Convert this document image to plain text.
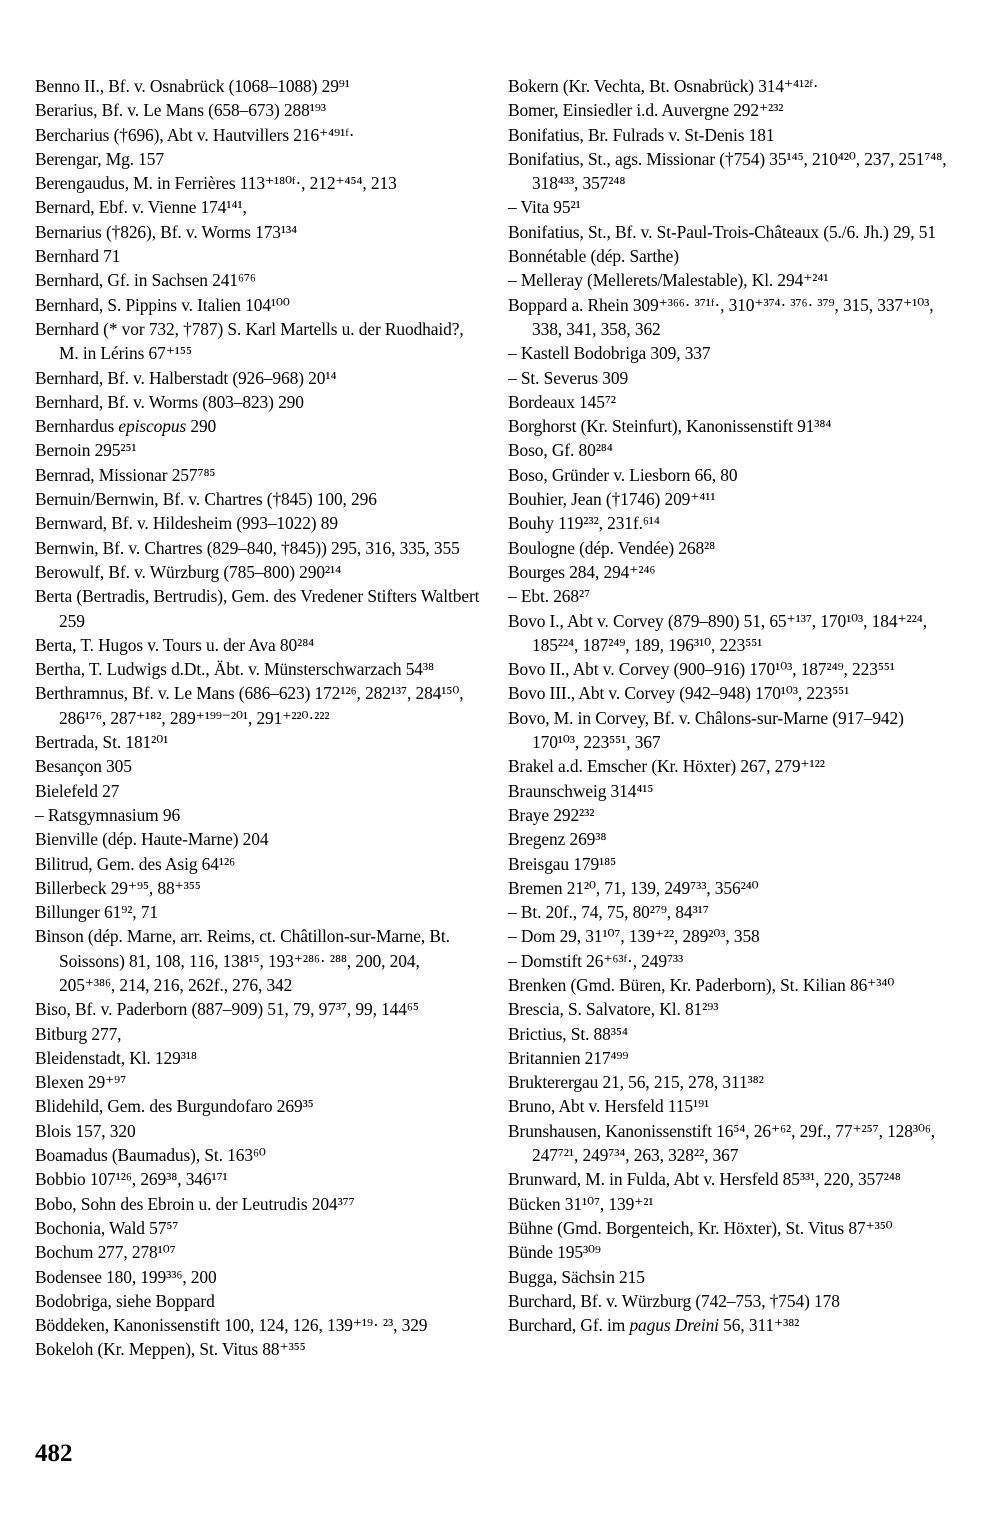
Benno II., Bf. v. Osnabrück (1068–1088) 29⁹¹
Berarius, Bf. v. Le Mans (658–673) 288¹⁹³
Bercharius (†696), Abt v. Hautvillers 216⁺⁴⁹¹ᶠ·
Berengar, Mg. 157
Berengaudus, M. in Ferrières 113⁺¹⁸⁰ᶠ·, 212⁺⁴⁵⁴, 213
Bernard, Ebf. v. Vienne 174¹⁴¹,
Bernarius (†826), Bf. v. Worms 173¹³⁴
Bernhard 71
Bernhard, Gf. in Sachsen 241⁶⁷⁶
Bernhard, S. Pippins v. Italien 104¹⁰⁰
Bernhard (* vor 732, †787) S. Karl Martells u. der Ruodhaid?, M. in Lérins 67⁺¹⁵⁵
Bernhard, Bf. v. Halberstadt (926–968) 20¹⁴
Bernhard, Bf. v. Worms (803–823) 290
Bernhardus episcopus 290
Bernoin 295²⁵¹
Bernrad, Missionar 257⁷⁸⁵
Bernuin/Bernwin, Bf. v. Chartres (†845) 100, 296
Bernward, Bf. v. Hildesheim (993–1022) 89
Bernwin, Bf. v. Chartres (829–840, †845)) 295, 316, 335, 355
Berowulf, Bf. v. Würzburg (785–800) 290²¹⁴
Berta (Bertradis, Bertrudis), Gem. des Vredener Stifters Waltbert 259
Berta, T. Hugos v. Tours u. der Ava 80²⁸⁴
Bertha, T. Ludwigs d.Dt., Äbt. v. Münsterschwarzach 54³⁸
Berthramnus, Bf. v. Le Mans (686–623) 172¹²⁶, 282¹³⁷, 284¹⁵⁰, 286¹⁷⁶, 287⁺¹⁸², 289⁺¹⁹⁹⁻²⁰¹, 291⁺²²⁰·²²²
Bertrada, St. 181²⁰¹
Besançon 305
Bielefeld 27
– Ratsgymnasium 96
Bienville (dép. Haute-Marne) 204
Bilitrud, Gem. des Asig 64¹²⁶
Billerbeck 29⁺⁹⁵, 88⁺³⁵⁵
Billunger 61⁹², 71
Binson (dép. Marne, arr. Reims, ct. Châtillon-sur-Marne, Bt. Soissons) 81, 108, 116, 138¹⁵, 193⁺²⁸⁶· ²⁸⁸, 200, 204, 205⁺³⁸⁶, 214, 216, 262f., 276, 342
Biso, Bf. v. Paderborn (887–909) 51, 79, 97³⁷, 99, 144⁶⁵
Bitburg 277,
Bleidenstadt, Kl. 129³¹⁸
Blexen 29⁺⁹⁷
Blidehild, Gem. des Burgundofaro 269³⁵
Blois 157, 320
Boamadus (Baumadus), St. 163⁶⁰
Bobbio 107¹²⁶, 269³⁸, 346¹⁷¹
Bobo, Sohn des Ebroin u. der Leutrudis 204³⁷⁷
Bochonia, Wald 57⁵⁷
Bochum 277, 278¹⁰⁷
Bodensee 180, 199³³⁶, 200
Bodobriga, siehe Boppard
Böddeken, Kanonissenstift 100, 124, 126, 139⁺¹⁹· ²³, 329
Bokeloh (Kr. Meppen), St. Vitus 88⁺³⁵⁵
Bokern (Kr. Vechta, Bt. Osnabrück) 314⁺⁴¹²ᶠ·
Bomer, Einsiedler i.d. Auvergne 292⁺²³²
Bonifatius, Br. Fulrads v. St-Denis 181
Bonifatius, St., ags. Missionar (†754) 35¹⁴⁵, 210⁴²⁰, 237, 251⁷⁴⁸, 318⁴³³, 357²⁴⁸
– Vita 95²¹
Bonifatius, St., Bf. v. St-Paul-Trois-Châteaux (5./6. Jh.) 29, 51
Bonnétable (dép. Sarthe)
– Melleray (Mellerets/Malestable), Kl. 294⁺²⁴¹
Boppard a. Rhein 309⁺³⁶⁶· ³⁷¹ᶠ·, 310⁺³⁷⁴· ³⁷⁶· ³⁷⁹, 315, 337⁺¹⁰³, 338, 341, 358, 362
– Kastell Bodobriga 309, 337
– St. Severus 309
Bordeaux 145⁷²
Borghorst (Kr. Steinfurt), Kanonissenstift 91³⁸⁴
Boso, Gf. 80²⁸⁴
Boso, Gründer v. Liesborn 66, 80
Bouhier, Jean (†1746) 209⁺⁴¹¹
Bouhy 119²³², 231f.⁶¹⁴
Boulogne (dép. Vendée) 268²⁸
Bourges 284, 294⁺²⁴⁶
– Ebt. 268²⁷
Bovo I., Abt v. Corvey (879–890) 51, 65⁺¹³⁷, 170¹⁰³, 184⁺²²⁴, 185²²⁴, 187²⁴⁹, 189, 196³¹⁰, 223⁵⁵¹
Bovo II., Abt v. Corvey (900–916) 170¹⁰³, 187²⁴⁹, 223⁵⁵¹
Bovo III., Abt v. Corvey (942–948) 170¹⁰³, 223⁵⁵¹
Bovo, M. in Corvey, Bf. v. Châlons-sur-Marne (917–942) 170¹⁰³, 223⁵⁵¹, 367
Brakel a.d. Emscher (Kr. Höxter) 267, 279⁺¹²²
Braunschweig 314⁴¹⁵
Braye 292²³²
Bregenz 269³⁸
Breisgau 179¹⁸⁵
Bremen 21²⁰, 71, 139, 249⁷³³, 356²⁴⁰
– Bt. 20f., 74, 75, 80²⁷⁹, 84³¹⁷
– Dom 29, 31¹⁰⁷, 139⁺²², 289²⁰³, 358
– Domstift 26⁺⁶³ᶠ·, 249⁷³³
Brenken (Gmd. Büren, Kr. Paderborn), St. Kilian 86⁺³⁴⁰
Brescia, S. Salvatore, Kl. 81²⁹³
Brictius, St. 88³⁵⁴
Britannien 217⁴⁹⁹
Brukterergau 21, 56, 215, 278, 311³⁸²
Bruno, Abt v. Hersfeld 115¹⁹¹
Brunshausen, Kanonissenstift 16⁵⁴, 26⁺⁶², 29f., 77⁺²⁵⁷, 128³⁰⁶, 247⁷²¹, 249⁷³⁴, 263, 328²², 367
Brunward, M. in Fulda, Abt v. Hersfeld 85³³¹, 220, 357²⁴⁸
Bücken 31¹⁰⁷, 139⁺²¹
Bühne (Gmd. Borgenteich, Kr. Höxter), St. Vitus 87⁺³⁵⁰
Bünde 195³⁰⁹
Bugga, Sächsin 215
Burchard, Bf. v. Würzburg (742–753, †754) 178
Burchard, Gf. im pagus Dreini 56, 311⁺³⁸²
482
